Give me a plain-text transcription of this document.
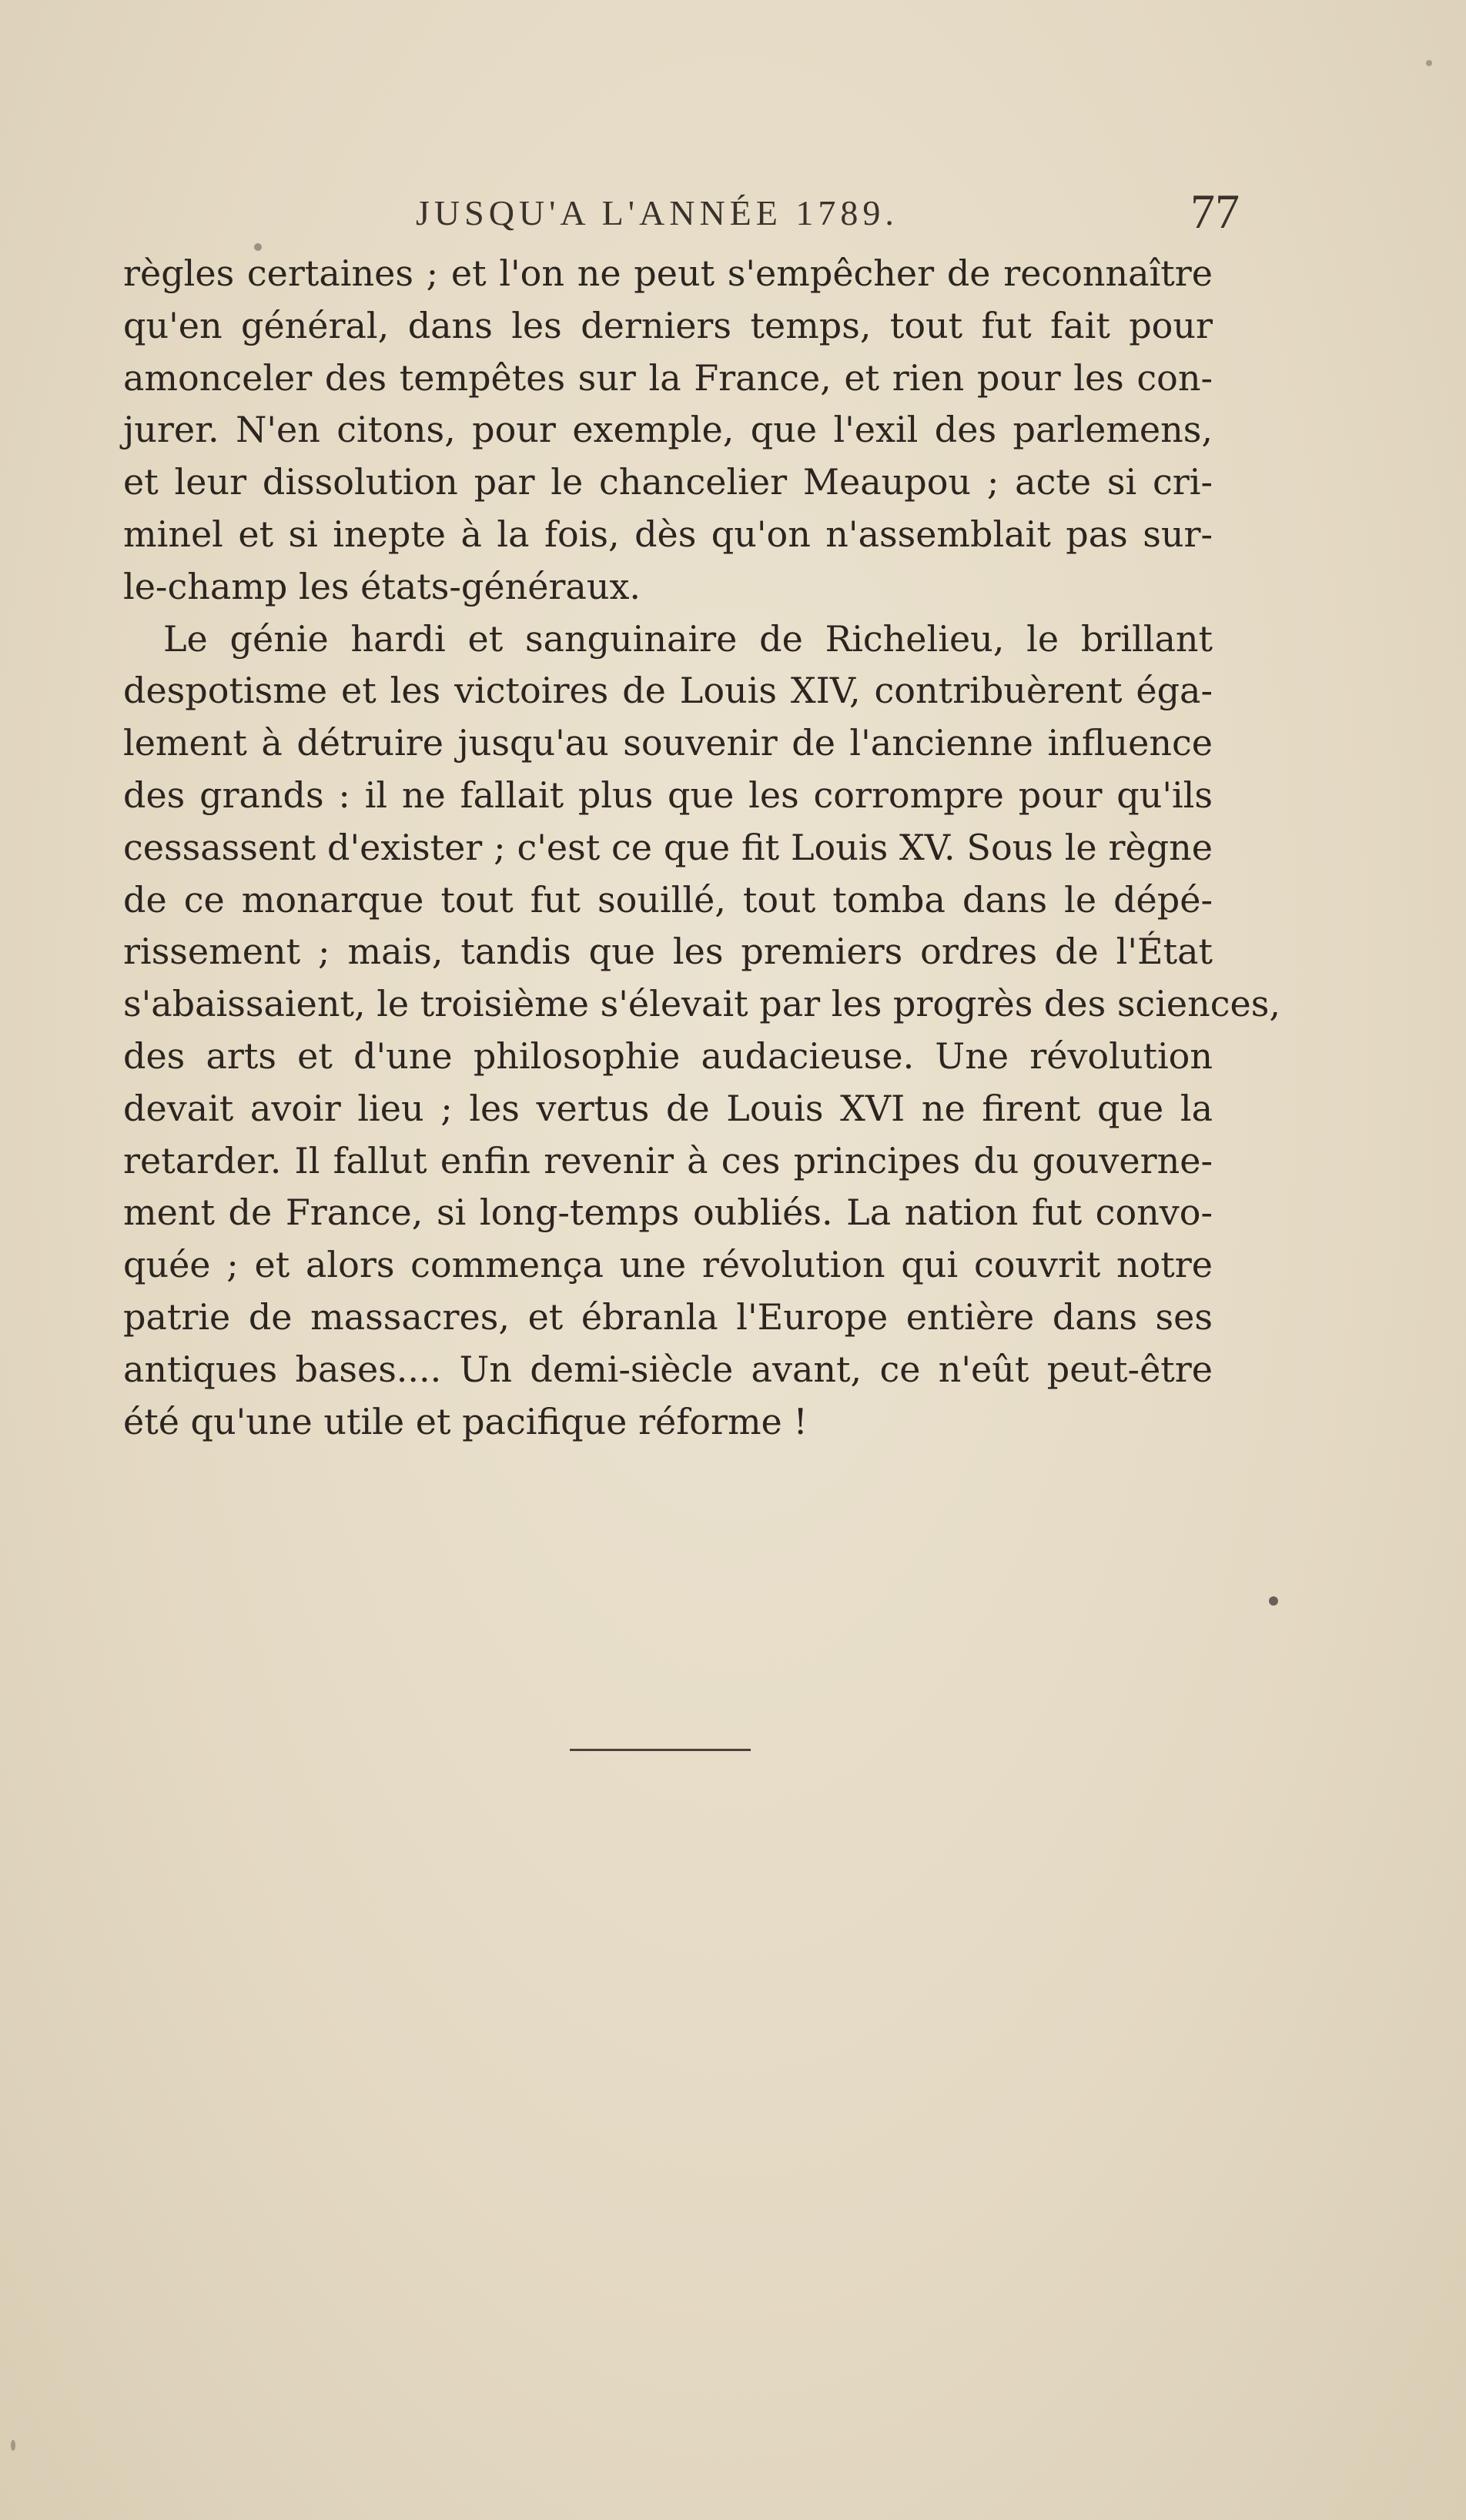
JUSQU'A L'ANNÉE 1789.	77
règles certaines ; et l'on ne peut s'empêcher de reconnaître
qu'en général, dans les derniers temps, tout fut fait pour
amonceler des tempêtes sur la France, et rien pour les con-
jurer. N'en citons, pour exemple, que l'exil des parlemens,
et leur dissolution par le chancelier Meaupou ; acte si cri-
minel et si inepte à la fois, dès qu'on n'assemblait pas sur-
le-champ les états-généraux.
Le génie hardi et sanguinaire de Richelieu, le brillant
despotisme et les victoires de Louis XIV, contribuèrent éga-
lement à détruire jusqu'au souvenir de l'ancienne influence
des grands : il ne fallait plus que les corrompre pour qu'ils
cessassent d'exister ; c'est ce que fit Louis XV. Sous le règne
de ce monarque tout fut souillé, tout tomba dans le dépé-
rissement ; mais, tandis que les premiers ordres de l'État
s'abaissaient, le troisième s'élevait par les progrès des sciences,
des arts et d'une philosophie audacieuse. Une révolution
devait avoir lieu ; les vertus de Louis XVI ne firent que la
retarder. Il fallut enfin revenir à ces principes du gouverne-
ment de France, si long-temps oubliés. La nation fut convo-
quée ; et alors commença une révolution qui couvrit notre
patrie de massacres, et ébranla l'Europe entière dans ses
antiques bases.... Un demi-siècle avant, ce n'eût peut-être
été qu'une utile et pacifique réforme !
